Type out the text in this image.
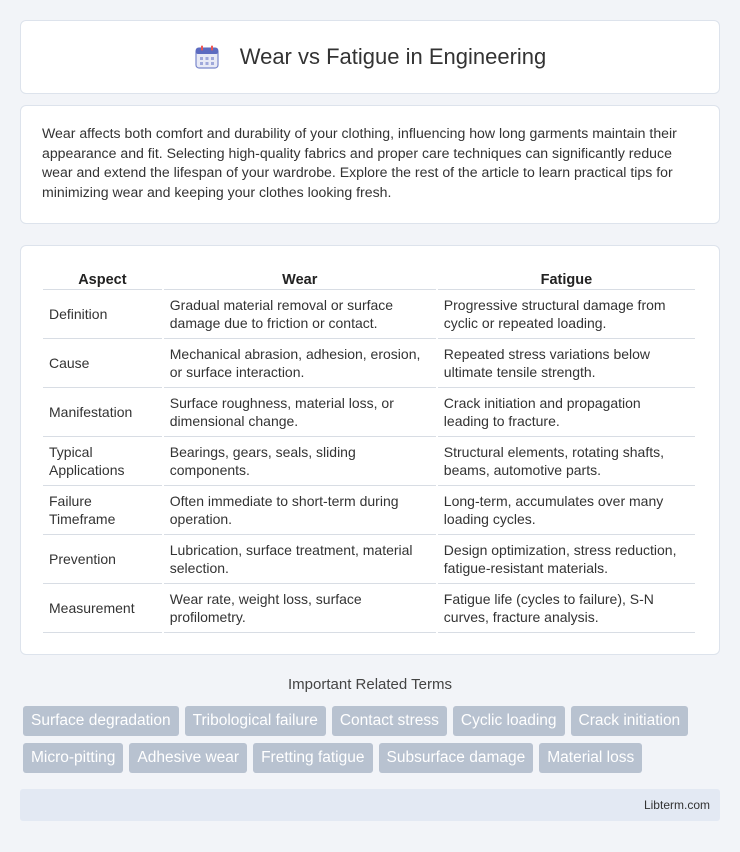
Wear vs Fatigue in Engineering

Wear affects both comfort and durability of your clothing, influencing how long garments maintain their appearance and fit. Selecting high-quality fabrics and proper care techniques can significantly reduce wear and extend the lifespan of your wardrobe. Explore the rest of the article to learn practical tips for minimizing wear and keeping your clothes looking fresh.

Aspect	Wear	Fatigue
Definition	Gradual material removal or surface damage due to friction or contact.	Progressive structural damage from cyclic or repeated loading.
Cause	Mechanical abrasion, adhesion, erosion, or surface interaction.	Repeated stress variations below ultimate tensile strength.
Manifestation	Surface roughness, material loss, or dimensional change.	Crack initiation and propagation leading to fracture.
Typical Applications	Bearings, gears, seals, sliding components.	Structural elements, rotating shafts, beams, automotive parts.
Failure Timeframe	Often immediate to short-term during operation.	Long-term, accumulates over many loading cycles.
Prevention	Lubrication, surface treatment, material selection.	Design optimization, stress reduction, fatigue-resistant materials.
Measurement	Wear rate, weight loss, surface profilometry.	Fatigue life (cycles to failure), S-N curves, fracture analysis.
Important Related Terms
Surface degradation	Tribological failure	Contact stress	Cyclic loading	Crack initiation
Micro-pitting	Adhesive wear	Fretting fatigue	Subsurface damage	Material loss
Libterm.com
